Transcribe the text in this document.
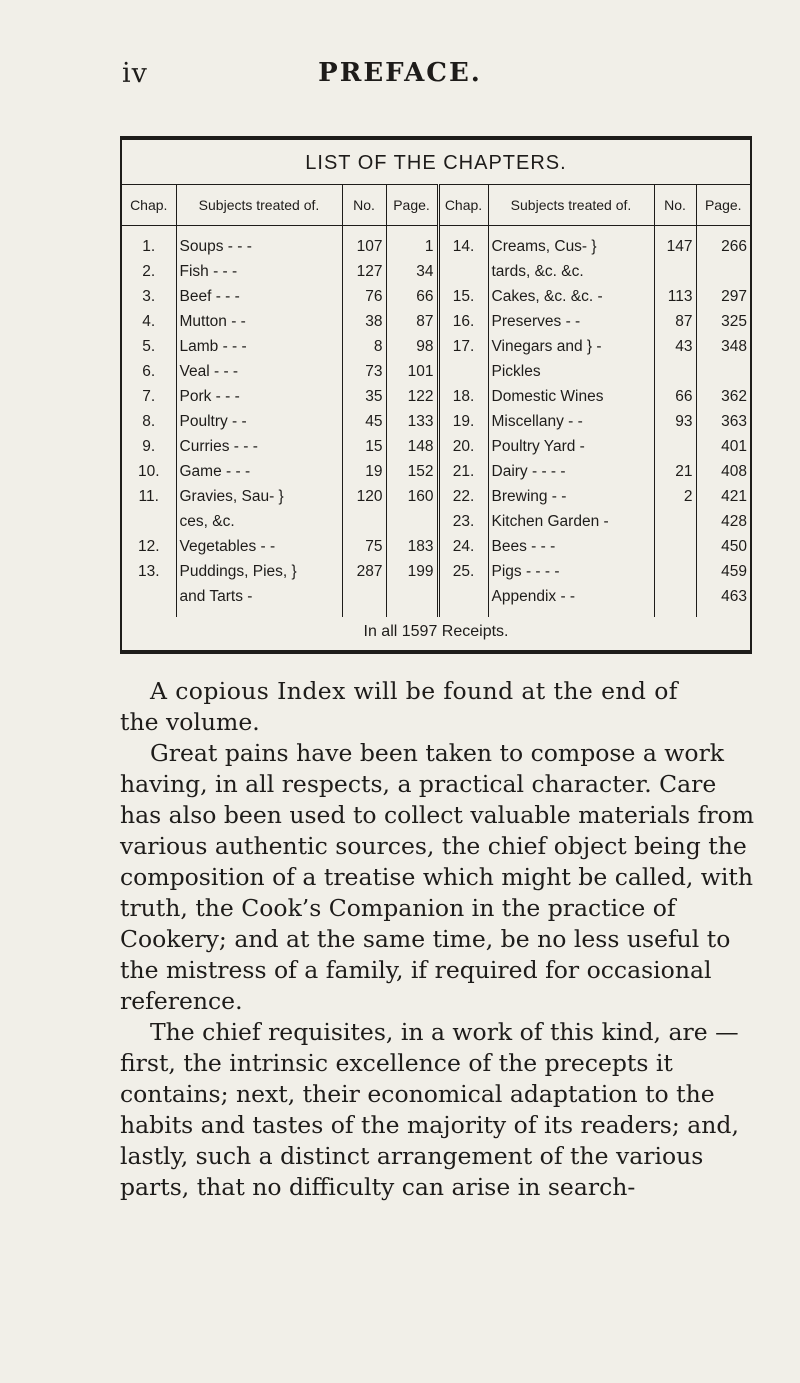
iv	PREFACE.
LIST OF THE CHAPTERS.
Chap.	Subjects treated of.	No.	Page.	Chap.	Subjects treated of.	No.	Page.

1.	Soups - - -	107	1	14.	Creams, Cus- }	147	266
2.	Fish - - -	127	34		tards, &c. &c.		
3.	Beef - - -	76	66	15.	Cakes, &c. &c. -	113	297
4.	Mutton - -	38	87	16.	Preserves - -	87	325
5.	Lamb - - -	8	98	17.	Vinegars and } -	43	348
6.	Veal - - -	73	101		Pickles		
7.	Pork - - -	35	122	18.	Domestic Wines	66	362
8.	Poultry - -	45	133	19.	Miscellany - -	93	363
9.	Curries - - -	15	148	20.	Poultry Yard -		401
10.	Game - - -	19	152	21.	Dairy - - - -	21	408
11.	Gravies, Sau- }	120	160	22.	Brewing - -	2	421
	ces, &c.			23.	Kitchen Garden -		428
12.	Vegetables - -	75	183	24.	Bees - - -		450
13.	Puddings, Pies, }	287	199	25.	Pigs - - - -		459
	and Tarts -				Appendix - -		463

In all 1597 Receipts.

A copious Index will be found at the end of

the volume.

Great pains have been taken to compose a work having, in all respects, a practical character. Care has also been used to collect valuable materials from various authentic sources, the chief object being the composition of a treatise which might be called, with truth, the Cook’s Companion in the practice of Cookery; and at the same time, be no less useful to the mistress of a family, if required for occasional reference.

The chief requisites, in a work of this kind, are —first, the intrinsic excellence of the precepts it contains; next, their economical adaptation to the habits and tastes of the majority of its readers; and, lastly, such a distinct arrangement of the various parts, that no difficulty can arise in search-
